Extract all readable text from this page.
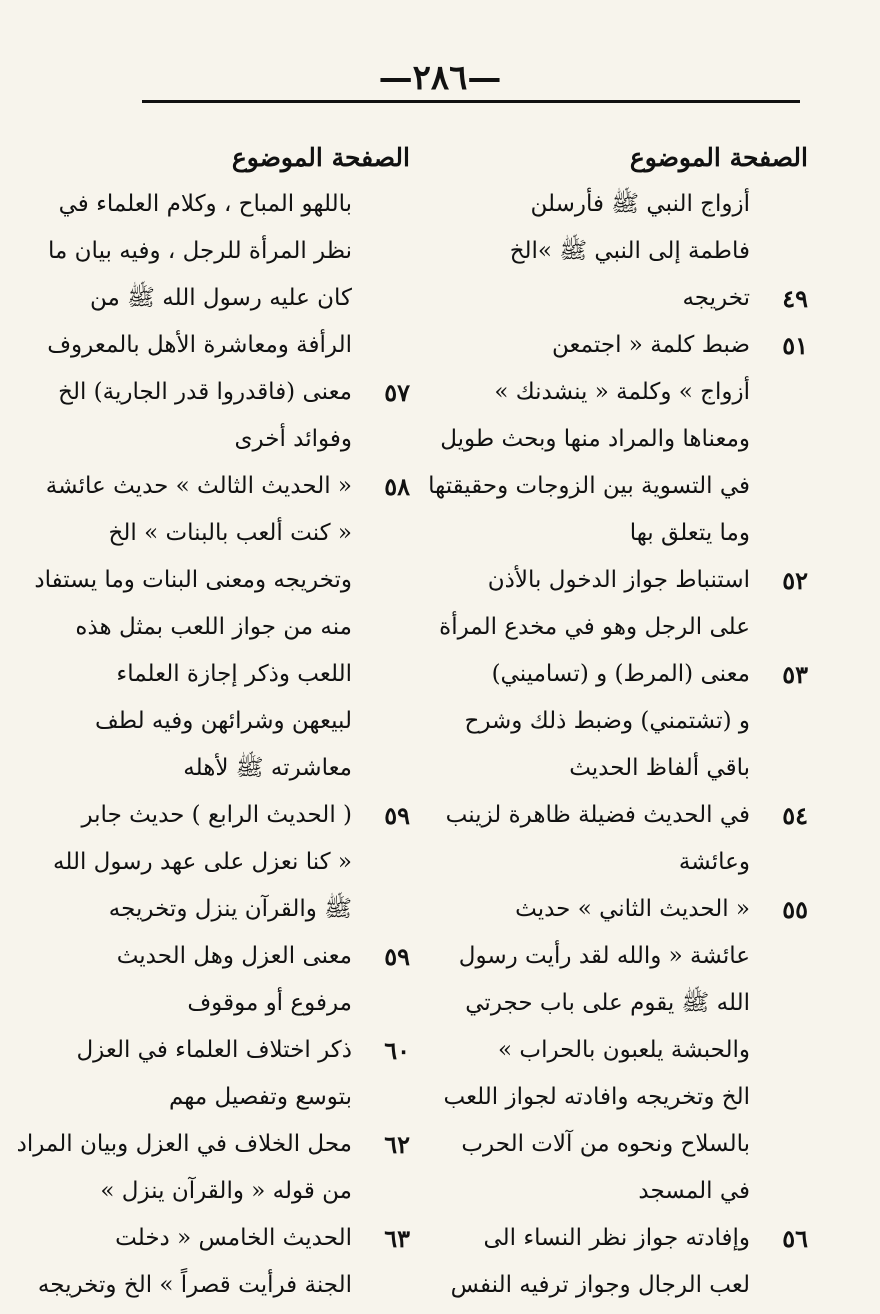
—٢٨٦—
الصفحة الموضوع
أزواج النبي ﷺ فأرسلن
فاطمة إلى النبي ﷺ »الخ
٤٩
تخريجه
٥١
ضبط كلمة « اجتمعن
أزواج » وكلمة « ينشدنك »
ومعناها والمراد منها وبحث طويل
في التسوية بين الزوجات وحقيقتها
وما يتعلق بها
٥٢
استنباط جواز الدخول بالأذن
على الرجل وهو في مخدع المرأة
٥٣
معنى (المرط) و (تساميني)
و (تشتمني) وضبط ذلك وشرح
باقي ألفاظ الحديث
٥٤
في الحديث فضيلة ظاهرة لزينب
وعائشة
٥٥
« الحديث الثاني » حديث
عائشة « والله لقد رأيت رسول
الله ﷺ يقوم على باب حجرتي
والحبشة يلعبون بالحراب »
الخ وتخريجه وافادته لجواز اللعب
بالسلاح ونحوه من آلات الحرب
في المسجد
٥٦
وإفادته جواز نظر النساء الى
لعب الرجال وجواز ترفيه النفس
الصفحة الموضوع
باللهو المباح ، وكلام العلماء في
نظر المرأة للرجل ، وفيه بيان ما
كان عليه رسول الله ﷺ من
الرأفة ومعاشرة الأهل بالمعروف
٥٧
معنى (فاقدروا قدر الجارية) الخ
وفوائد أخرى
٥٨
« الحديث الثالث » حديث عائشة
« كنت ألعب بالبنات » الخ
وتخريجه ومعنى البنات وما يستفاد
منه من جواز اللعب بمثل هذه
اللعب وذكر إجازة العلماء
لبيعهن وشرائهن وفيه لطف
معاشرته ﷺ لأهله
٥٩
( الحديث الرابع ) حديث جابر
« كنا نعزل على عهد رسول الله
ﷺ والقرآن ينزل وتخريجه
٥٩
معنى العزل وهل الحديث
مرفوع أو موقوف
٦٠
ذكر اختلاف العلماء في العزل
بتوسع وتفصيل مهم
٦٢
محل الخلاف في العزل وبيان المراد
من قوله « والقرآن ينزل »
٦٣
الحديث الخامس « دخلت
الجنة فرأيت قصراً » الخ وتخريجه
